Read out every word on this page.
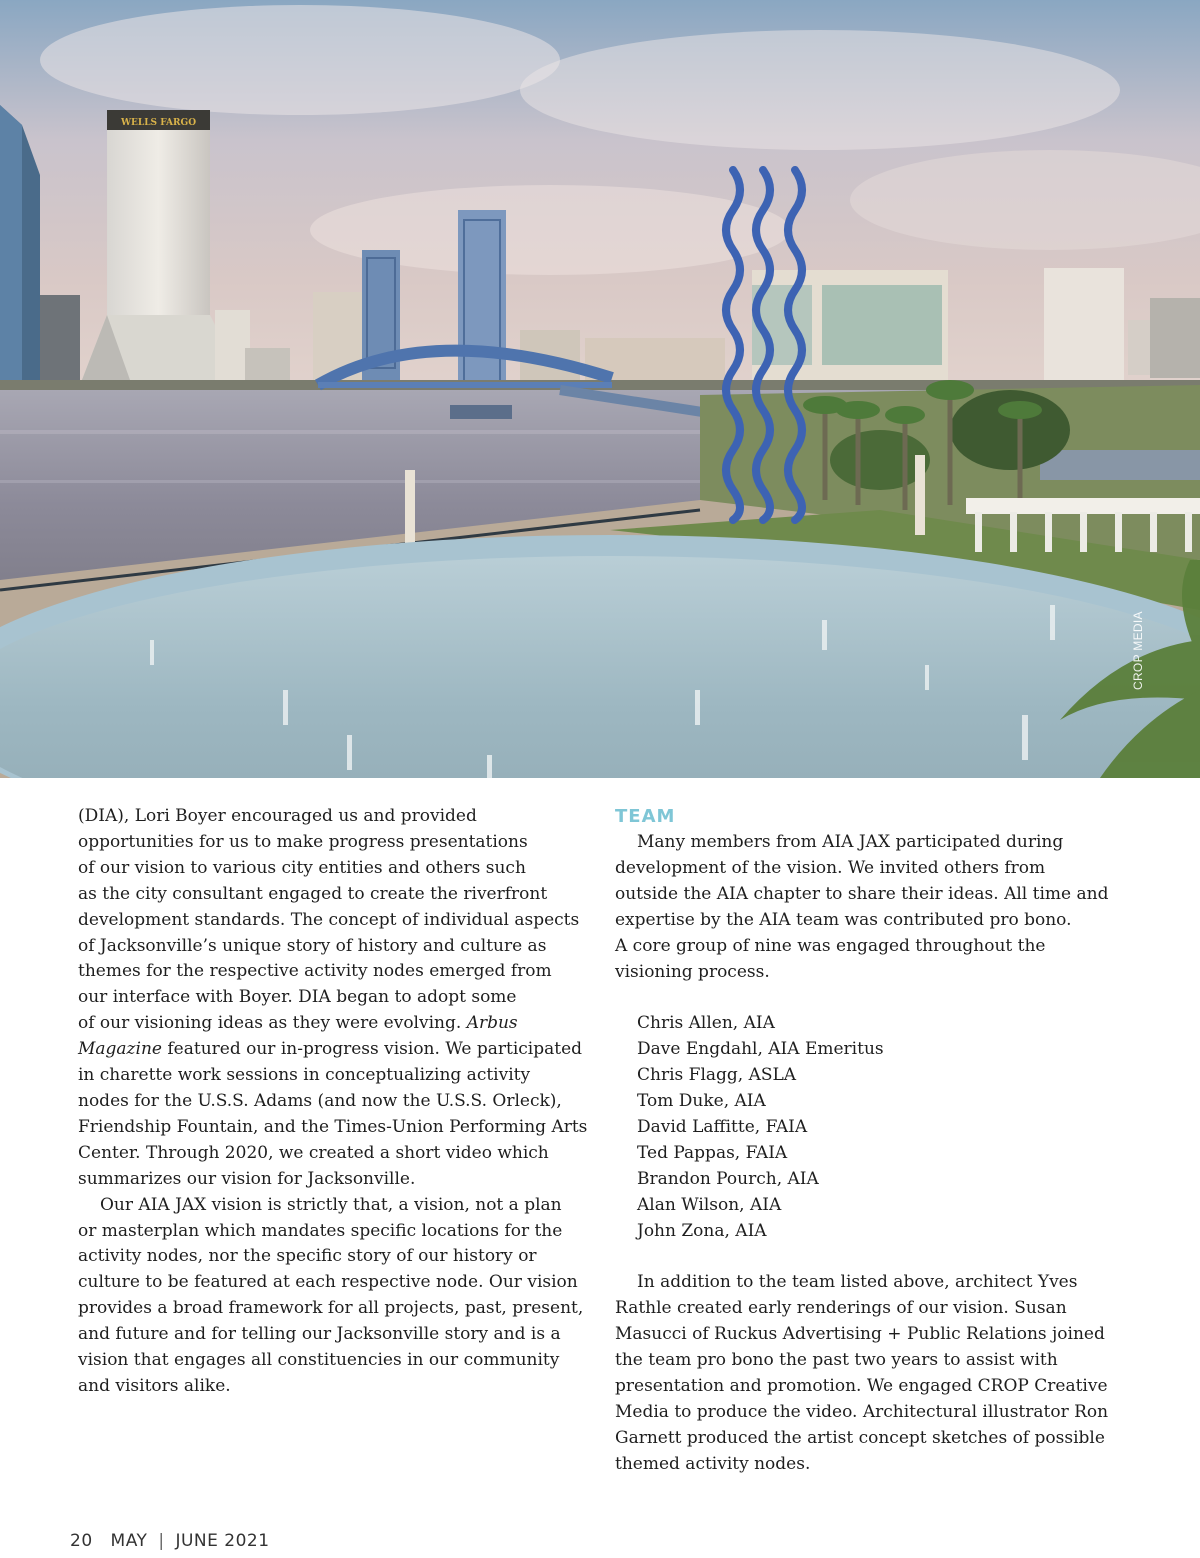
WELLS FARGO
CROP MEDIA
(DIA), Lori Boyer encouraged us and provided
opportunities for us to make progress presentations
of our vision to various city entities and others such
as the city consultant engaged to create the riverfront
development standards. The concept of individual aspects
of Jacksonville’s unique story of history and culture as
themes for the respective activity nodes emerged from
our interface with Boyer. DIA began to adopt some
of our visioning ideas as they were evolving. Arbus
Magazine featured our in-progress vision. We participated
in charette work sessions in conceptualizing activity
nodes for the U.S.S. Adams (and now the U.S.S. Orleck),
Friendship Fountain, and the Times-Union Performing Arts
Center. Through 2020, we created a short video which
summarizes our vision for Jacksonville.
Our AIA JAX vision is strictly that, a vision, not a plan
or masterplan which mandates specific locations for the
activity nodes, nor the specific story of our history or
culture to be featured at each respective node. Our vision
provides a broad framework for all projects, past, present,
and future and for telling our Jacksonville story and is a
vision that engages all constituencies in our community
and visitors alike.
TEAM
Many members from AIA JAX participated during
development of the vision. We invited others from
outside the AIA chapter to share their ideas. All time and
expertise by the AIA team was contributed pro bono.
A core group of nine was engaged throughout the
visioning process.
Chris Allen, AIA
Dave Engdahl, AIA Emeritus
Chris Flagg, ASLA
Tom Duke, AIA
David Laffitte, FAIA
Ted Pappas, FAIA
Brandon Pourch, AIA
Alan Wilson, AIA
John Zona, AIA
In addition to the team listed above, architect Yves
Rathle created early renderings of our vision. Susan
Masucci of Ruckus Advertising + Public Relations joined
the team pro bono the past two years to assist with
presentation and promotion. We engaged CROP Creative
Media to produce the video. Architectural illustrator Ron
Garnett produced the artist concept sketches of possible
themed activity nodes.
20 MAY | JUNE 2021
